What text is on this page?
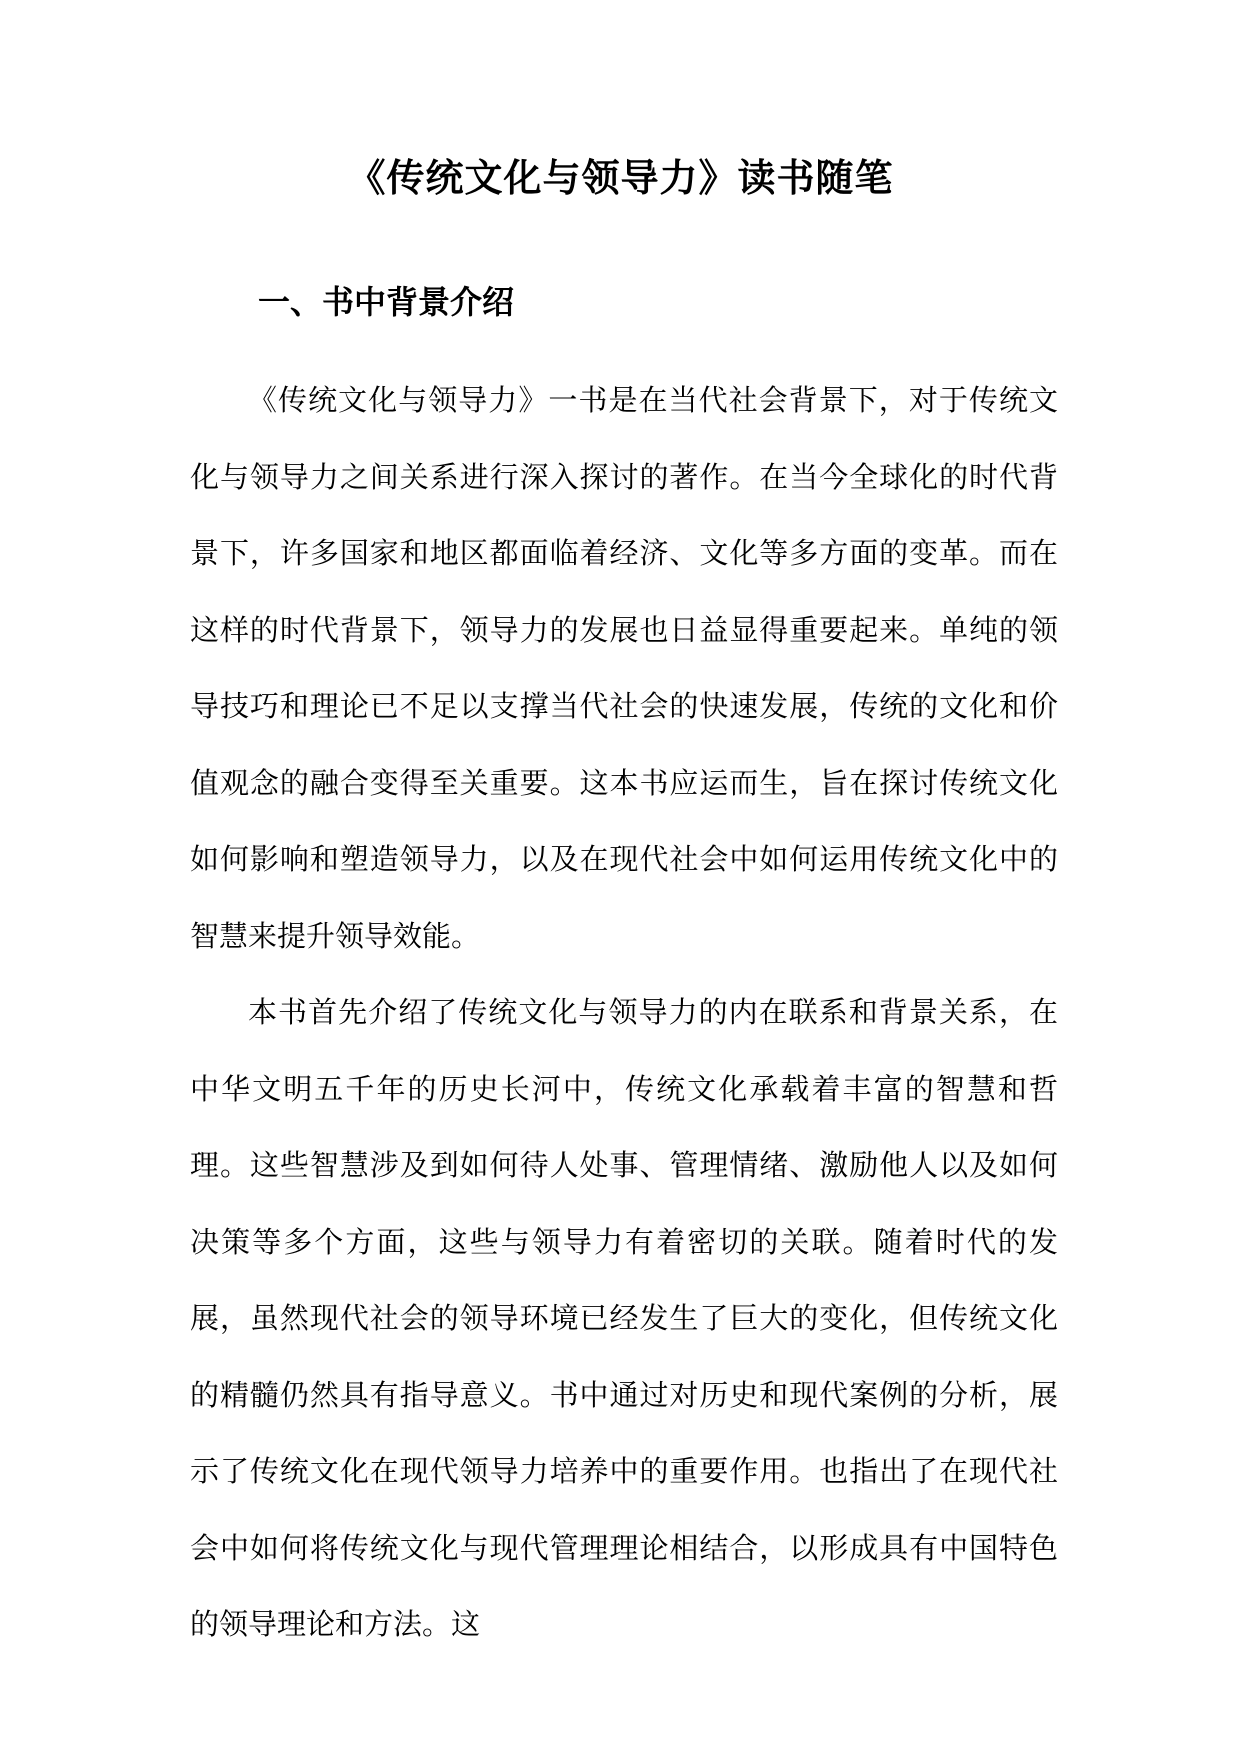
《传统文化与领导力》读书随笔
一、书中背景介绍

《传统文化与领导力》一书是在当代社会背景下，对于传统文化与领导力之间关系进行深入探讨的著作。在当今全球化的时代背景下，许多国家和地区都面临着经济、文化等多方面的变革。而在这样的时代背景下，领导力的发展也日益显得重要起来。单纯的领导技巧和理论已不足以支撑当代社会的快速发展，传统的文化和价值观念的融合变得至关重要。这本书应运而生，旨在探讨传统文化如何影响和塑造领导力，以及在现代社会中如何运用传统文化中的智慧来提升领导效能。

本书首先介绍了传统文化与领导力的内在联系和背景关系，在中华文明五千年的历史长河中，传统文化承载着丰富的智慧和哲理。这些智慧涉及到如何待人处事、管理情绪、激励他人以及如何决策等多个方面，这些与领导力有着密切的关联。随着时代的发展，虽然现代社会的领导环境已经发生了巨大的变化，但传统文化的精髓仍然具有指导意义。书中通过对历史和现代案例的分析，展示了传统文化在现代领导力培养中的重要作用。也指出了在现代社会中如何将传统文化与现代管理理论相结合，以形成具有中国特色的领导理论和方法。这
